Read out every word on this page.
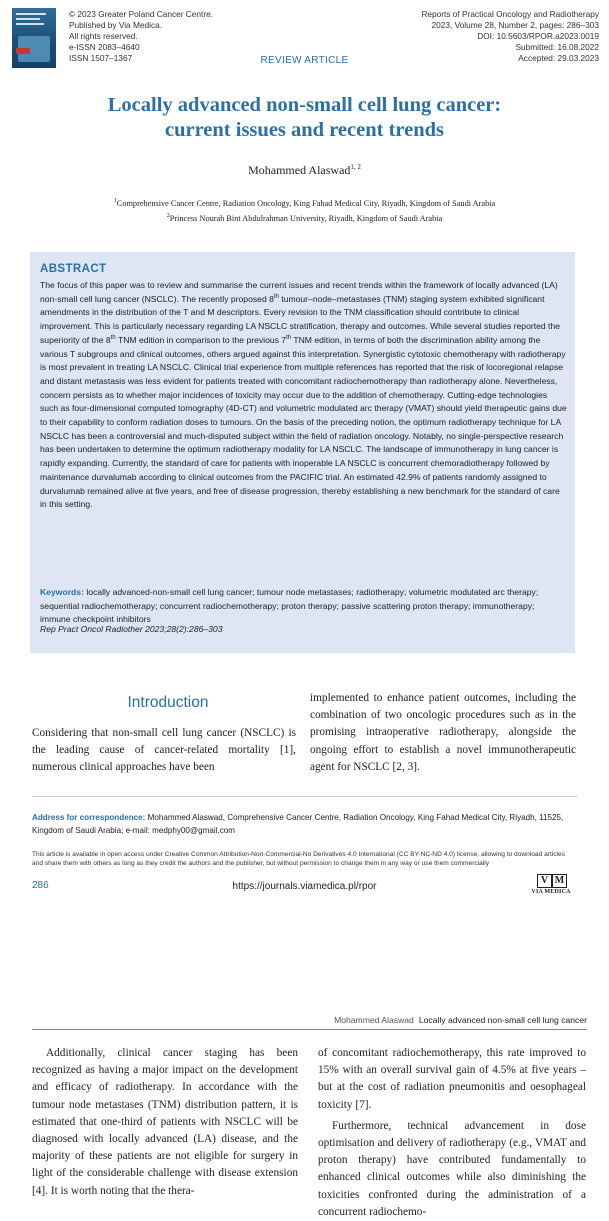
© 2023 Greater Poland Cancer Centre.
Published by Via Medica.
All rights reserved.
e-ISSN 2083–4640
ISSN 1507–1367
Reports of Practical Oncology and Radiotherapy
2023, Volume 28, Number 2, pages: 286–303
DOI: 10.5603/RPOR.a2023.0019
Submitted: 16.08.2022
Accepted: 29.03.2023
REVIEW ARTICLE
Locally advanced non-small cell lung cancer:
current issues and recent trends
Mohammed Alaswad$^{1, 2}$
$^1$Comprehensive Cancer Centre, Radiation Oncology, King Fahad Medical City, Riyadh, Kingdom of Saudi Arabia
$^2$Princess Nourah Bint Abdulrahman University, Riyadh, Kingdom of Saudi Arabia
ABSTRACT
The focus of this paper was to review and summarise the current issues and recent trends within the framework of locally advanced (LA) non-small cell lung cancer (NSCLC). The recently proposed 8th tumour–node–metastases (TNM) staging system exhibited significant amendments in the distribution of the T and M descriptors. Every revision to the TNM classification should contribute to clinical improvement. This is particularly necessary regarding LA NSCLC stratification, therapy and outcomes. While several studies reported the superiority of the 8th TNM edition in comparison to the previous 7th TNM edition, in terms of both the discrimination ability among the various T subgroups and clinical outcomes, others argued against this interpretation. Synergistic cytotoxic chemotherapy with radiotherapy is most prevalent in treating LA NSCLC. Clinical trial experience from multiple references has reported that the risk of locoregional relapse and distant metastasis was less evident for patients treated with concomitant radiochemotherapy than radiotherapy alone. Nevertheless, concern persists as to whether major incidences of toxicity may occur due to the addition of chemotherapy. Cutting-edge technologies such as four-dimensional computed tomography (4D-CT) and volumetric modulated arc therapy (VMAT) should yield therapeutic gains due to their capability to conform radiation doses to tumours. On the basis of the preceding notion, the optimum radiotherapy technique for LA NSCLC has been a controversial and much-disputed subject within the field of radiation oncology. Notably, no single-perspective research has been undertaken to determine the optimum radiotherapy modality for LA NSCLC. The landscape of immunotherapy in lung cancer is rapidly expanding. Currently, the standard of care for patients with inoperable LA NSCLC is concurrent chemoradiotherapy followed by maintenance durvalumab according to clinical outcomes from the PACIFIC trial. An estimated 42.9% of patients randomly assigned to durvalumab remained alive at five years, and free of disease progression, thereby establishing a new benchmark for the standard of care in this setting.
Keywords: locally advanced-non-small cell lung cancer; tumour node metastases; radiotherapy; volumetric modulated arc therapy; sequential radiochemotherapy; concurrent radiochemotherapy; proton therapy; passive scattering proton therapy; immunotherapy; immune checkpoint inhibitors
Rep Pract Oncol Radiother 2023;28(2):286–303
Introduction
Considering that non-small cell lung cancer (NSCLC) is the leading cause of cancer-related mortality [1], numerous clinical approaches have been
implemented to enhance patient outcomes, including the combination of two oncologic procedures such as in the promising intraoperative radiotherapy, alongside the ongoing effort to establish a novel immunotherapeutic agent for NSCLC [2, 3].
Address for correspondence: Mohammed Alaswad, Comprehensive Cancer Centre, Radiation Oncology, King Fahad Medical City, Riyadh, 11525, Kingdom of Saudi Arabia; e-mail: medphy00@gmail.com
This article is available in open access under Creative Common Attribution-Non-Commercial-No Derivatives 4.0 International (CC BY-NC-ND 4.0) license, allowing to download articles and share them with others as long as they credit the authors and the publisher, but without permission to change them in any way or use them commercially
286	https://journals.viamedica.pl/rpor
V M
VIA MEDICA
Mohammed Alaswad Locally advanced non-small cell lung cancer
Additionally, clinical cancer staging has been recognized as having a major impact on the development and efficacy of radiotherapy. In accordance with the tumour node metastases (TNM) distribution pattern, it is estimated that one-third of patients with NSCLC will be diagnosed with locally advanced (LA) disease, and the majority of these patients are not eligible for surgery in light of the considerable challenge with disease extension [4]. It is worth noting that the thera-
of concomitant radiochemotherapy, this rate improved to 15% with an overall survival gain of 4.5% at five years – but at the cost of radiation pneumonitis and oesophageal toxicity [7].
Furthermore, technical advancement in dose optimisation and delivery of radiotherapy (e.g., VMAT and proton therapy) have contributed fundamentally to enhanced clinical outcomes while also diminishing the toxicities confronted during the administration of a concurrent radiochemo-
